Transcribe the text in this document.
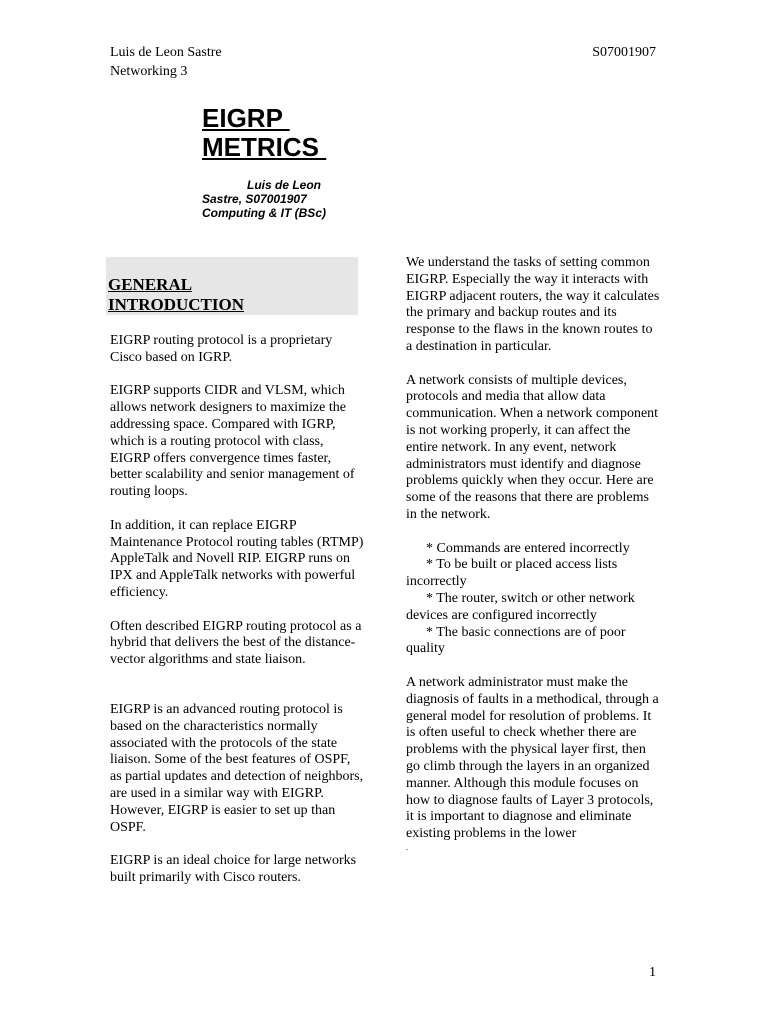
Luis de Leon Sastre
Networking 3
S07001907
EIGRP
METRICS
Luis de Leon
Sastre, S07001907
Computing & IT (BSc)
GENERAL
INTRODUCTION

EIGRP routing protocol is a proprietary Cisco based on IGRP.

EIGRP supports CIDR and VLSM, which allows network designers to maximize the addressing space. Compared with IGRP, which is a routing protocol with class, EIGRP offers convergence times faster, better scalability and senior management of routing loops.

In addition, it can replace EIGRP Maintenance Protocol routing tables (RTMP) AppleTalk and Novell RIP. EIGRP runs on IPX and AppleTalk networks with powerful efficiency.

Often described EIGRP routing protocol as a hybrid that delivers the best of the distance-vector algorithms and state liaison.

EIGRP is an advanced routing protocol is based on the characteristics normally associated with the protocols of the state liaison. Some of the best features of OSPF, as partial updates and detection of neighbors, are used in a similar way with EIGRP. However, EIGRP is easier to set up than OSPF.

EIGRP is an ideal choice for large networks built primarily with Cisco routers.

We understand the tasks of setting common EIGRP. Especially the way it interacts with EIGRP adjacent routers, the way it calculates the primary and backup routes and its response to the flaws in the known routes to a destination in particular.

A network consists of multiple devices, protocols and media that allow data communication. When a network component is not working properly, it can affect the entire network. In any event, network administrators must identify and diagnose problems quickly when they occur. Here are some of the reasons that there are problems in the network.

* Commands are entered incorrectly
* To be built or placed access lists incorrectly
* The router, switch or other network devices are configured incorrectly
* The basic connections are of poor quality

A network administrator must make the diagnosis of faults in a methodical, through a general model for resolution of problems. It is often useful to check whether there are problems with the physical layer first, then go climb through the layers in an organized manner. Although this module focuses on how to diagnose faults of Layer 3 protocols, it is important to diagnose and eliminate existing problems in the lower

.
1
